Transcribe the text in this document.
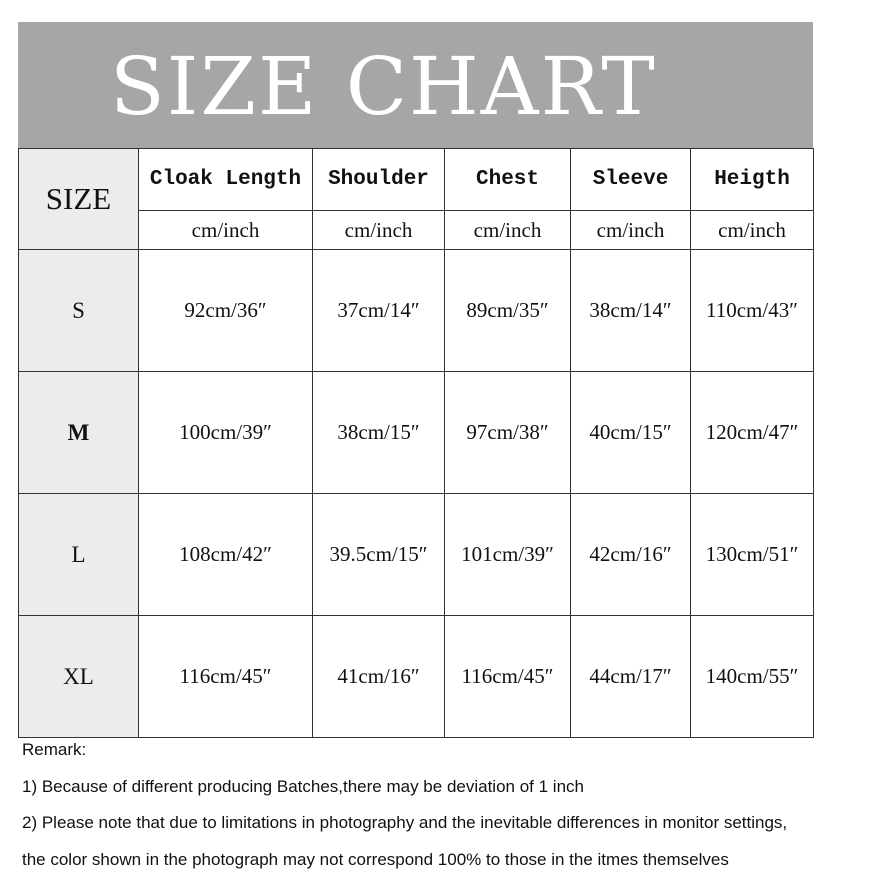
SIZE CHART
SIZE	Cloak Length	Shoulder	Chest	Sleeve	Heigth
	cm/inch	cm/inch	cm/inch	cm/inch	cm/inch
S	92cm/36″	37cm/14″	89cm/35″	38cm/14″	110cm/43″
M	100cm/39″	38cm/15″	97cm/38″	40cm/15″	120cm/47″
L	108cm/42″	39.5cm/15″	101cm/39″	42cm/16″	130cm/51″
XL	116cm/45″	41cm/16″	116cm/45″	44cm/17″	140cm/55″
Remark:
1) Because of different producing Batches,there may be deviation of 1 inch
2) Please note that due to limitations in photography and the inevitable differences in monitor settings,
the color shown in the photograph may not correspond 100% to those in the itmes themselves
